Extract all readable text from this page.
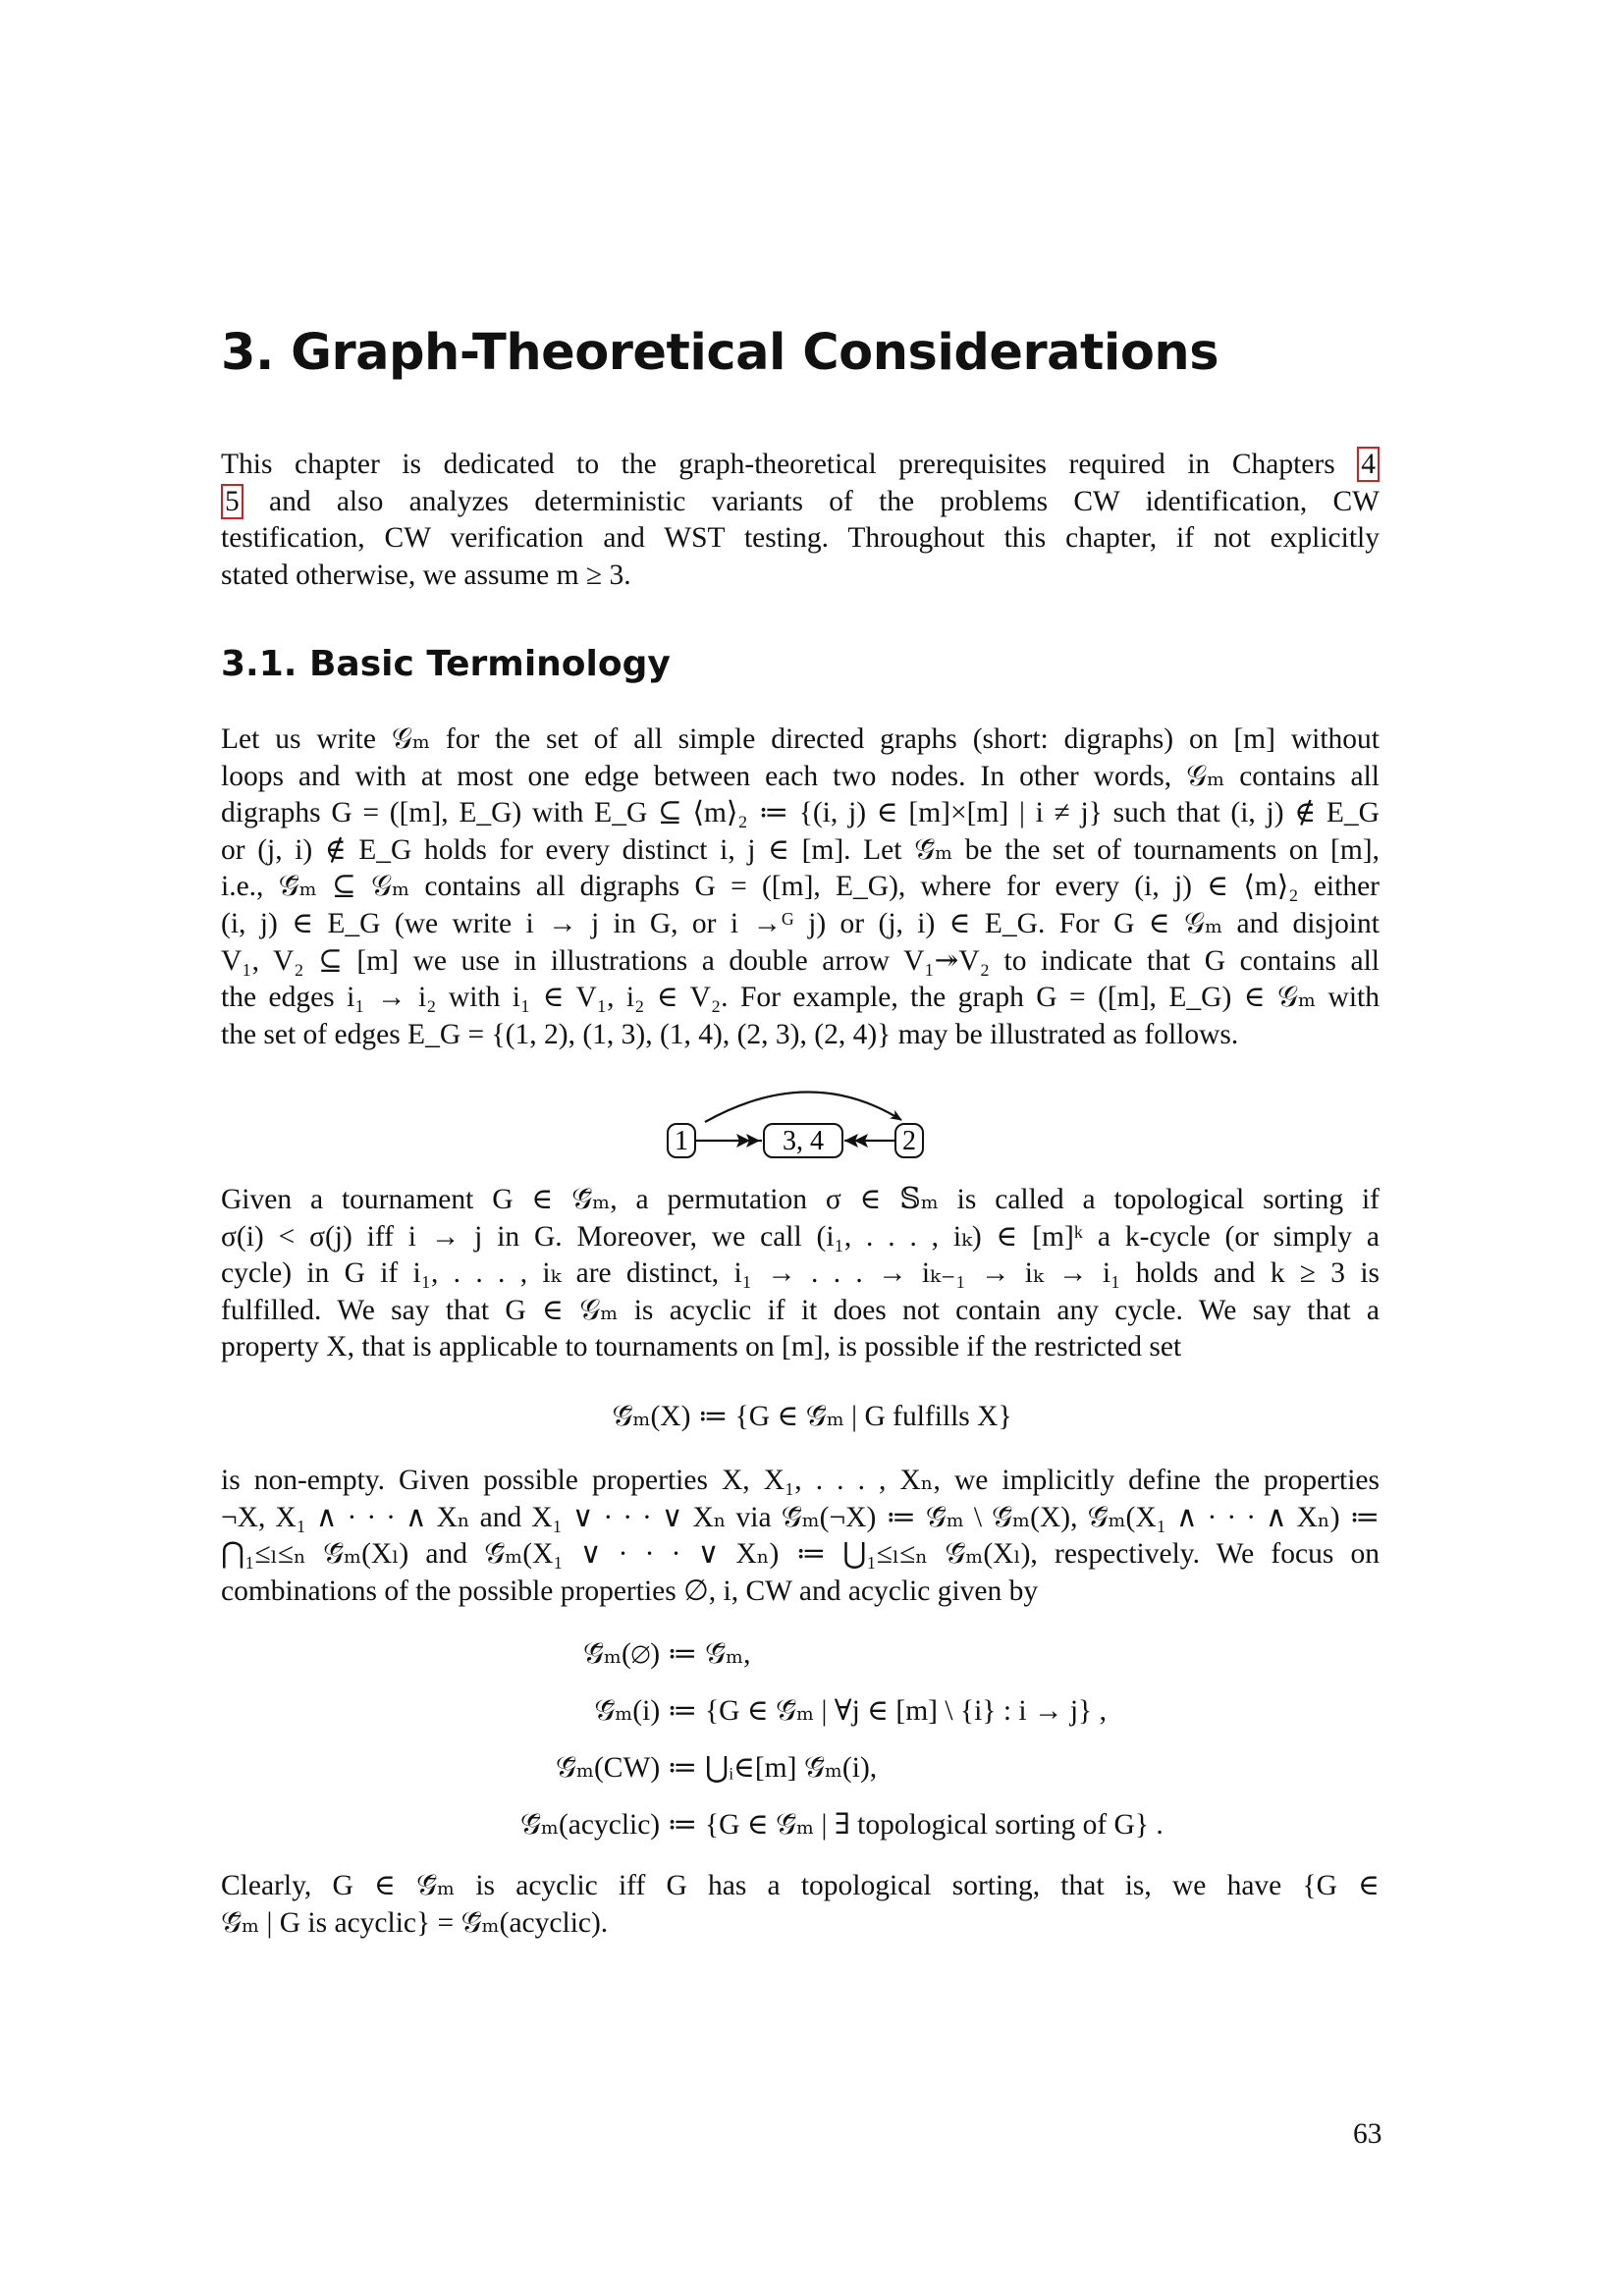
3. Graph-Theoretical Considerations
This chapter is dedicated to the graph-theoretical prerequisites required in Chapters 4
5 and also analyzes deterministic variants of the problems CW identification, CW
testification, CW verification and WST testing. Throughout this chapter, if not explicitly
stated otherwise, we assume m ≥ 3.
3.1. Basic Terminology
Let us write 𝒢ₘ for the set of all simple directed graphs (short: digraphs) on [m] without
loops and with at most one edge between each two nodes. In other words, 𝒢ₘ contains all
digraphs G = ([m], E_G) with E_G ⊆ ⟨m⟩₂ ≔ {(i, j) ∈ [m]×[m] | i ≠ j} such that (i, j) ∉ E_G
or (j, i) ∉ E_G holds for every distinct i, j ∈ [m]. Let 𝒢̄ₘ be the set of tournaments on [m],
i.e., 𝒢̄ₘ ⊆ 𝒢ₘ contains all digraphs G = ([m], E_G), where for every (i, j) ∈ ⟨m⟩₂ either
(i, j) ∈ E_G (we write i → j in G, or i →ᴳ j) or (j, i) ∈ E_G. For G ∈ 𝒢ₘ and disjoint
V₁, V₂ ⊆ [m] we use in illustrations a double arrow V₁↠V₂ to indicate that G contains all
the edges i₁ → i₂ with i₁ ∈ V₁, i₂ ∈ V₂. For example, the graph G = ([m], E_G) ∈ 𝒢ₘ with
the set of edges E_G = {(1, 2), (1, 3), (1, 4), (2, 3), (2, 4)} may be illustrated as follows.
1	3, 4	2
Given a tournament G ∈ 𝒢̄ₘ, a permutation σ ∈ 𝕊ₘ is called a topological sorting if
σ(i) < σ(j) iff i → j in G. Moreover, we call (i₁, . . . , iₖ) ∈ [m]ᵏ a k-cycle (or simply a
cycle) in G if i₁, . . . , iₖ are distinct, i₁ → . . . → iₖ₋₁ → iₖ → i₁ holds and k ≥ 3 is
fulfilled. We say that G ∈ 𝒢ₘ is acyclic if it does not contain any cycle. We say that a
property X, that is applicable to tournaments on [m], is possible if the restricted set
𝒢̄ₘ(X) ≔ {G ∈ 𝒢̄ₘ | G fulfills X}
is non-empty. Given possible properties X, X₁, . . . , Xₙ, we implicitly define the properties
¬X, X₁ ∧ · · · ∧ Xₙ and X₁ ∨ · · · ∨ Xₙ via 𝒢̄ₘ(¬X) ≔ 𝒢̄ₘ \ 𝒢̄ₘ(X), 𝒢̄ₘ(X₁ ∧ · · · ∧ Xₙ) ≔
⋂₁≤ₗ≤ₙ 𝒢̄ₘ(Xₗ) and 𝒢̄ₘ(X₁ ∨ · · · ∨ Xₙ) ≔ ⋃₁≤ₗ≤ₙ 𝒢̄ₘ(Xₗ), respectively. We focus on
combinations of the possible properties ∅, i, CW and acyclic given by
𝒢̄ₘ(∅) ≔ 𝒢̄ₘ,
𝒢̄ₘ(i) ≔ {G ∈ 𝒢̄ₘ | ∀j ∈ [m] \ {i} : i → j} ,
𝒢̄ₘ(CW) ≔ ⋃ᵢ∈[m] 𝒢̄ₘ(i),
𝒢̄ₘ(acyclic) ≔ {G ∈ 𝒢̄ₘ | ∃ topological sorting of G} .
Clearly, G ∈ 𝒢̄ₘ is acyclic iff G has a topological sorting, that is, we have {G ∈
𝒢̄ₘ | G is acyclic} = 𝒢̄ₘ(acyclic).
63
